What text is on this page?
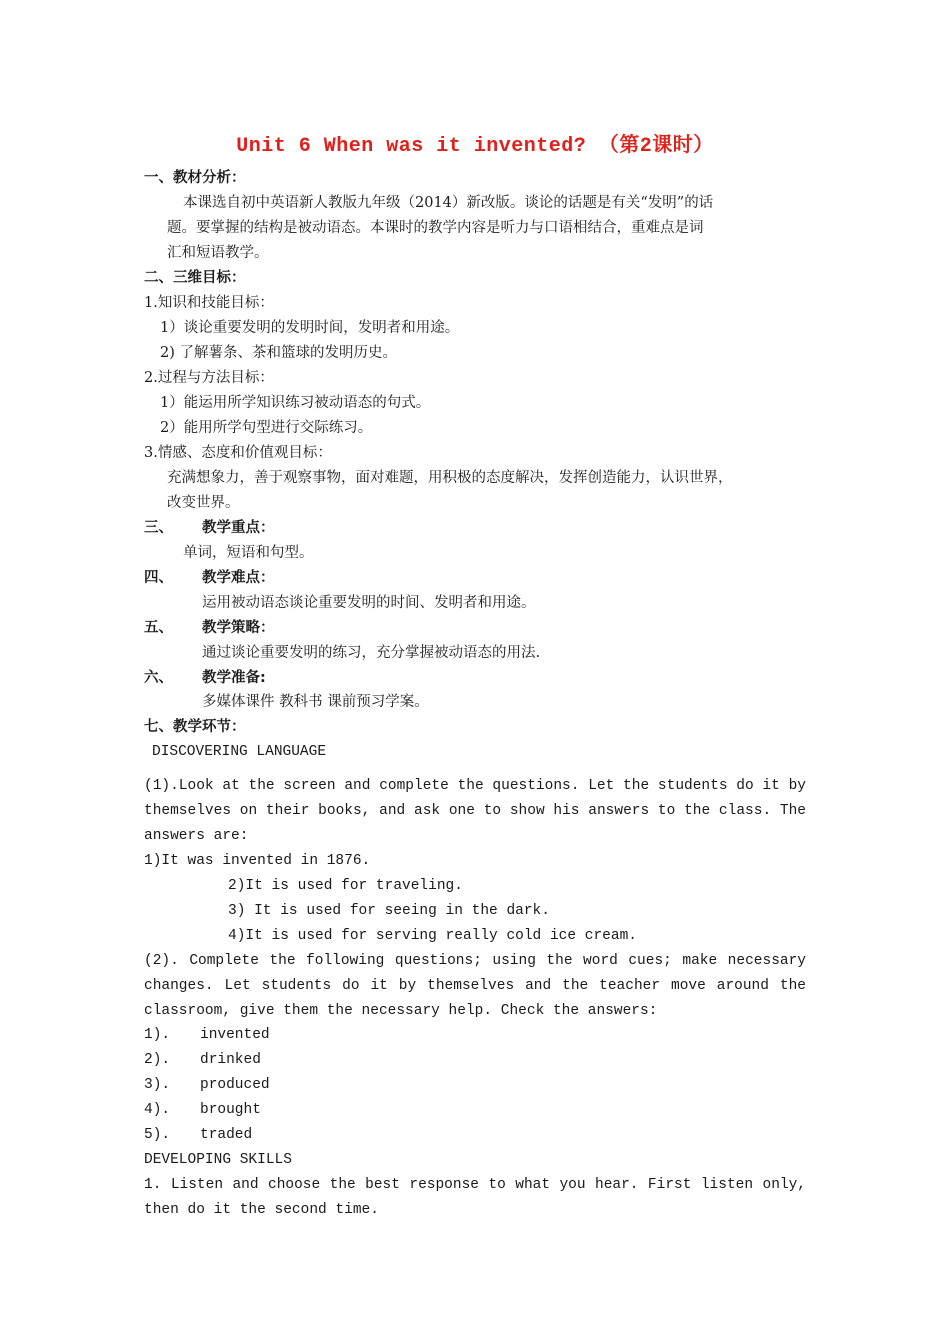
Unit 6 When was it invented? （第2课时）
一、教材分析：
本课选自初中英语新人教版九年级（2014）新改版。谈论的话题是有关“发明”的话
题。要掌握的结构是被动语态。本课时的教学内容是听力与口语相结合，重难点是词
汇和短语教学。
二、三维目标：
1.知识和技能目标：
1）谈论重要发明的发明时间，发明者和用途。
2) 了解薯条、茶和篮球的发明历史。
2.过程与方法目标：
1）能运用所学知识练习被动语态的句式。
2）能用所学句型进行交际练习。
3.情感、态度和价值观目标：
充满想象力，善于观察事物，面对难题，用积极的态度解决，发挥创造能力，认识世界，
改变世界。
三、 教学重点：
单词，短语和句型。
四、 教学难点：
运用被动语态谈论重要发明的时间、发明者和用途。
五、 教学策略：
通过谈论重要发明的练习，充分掌握被动语态的用法.
六、 教学准备:
多媒体课件 教科书 课前预习学案。
七、教学环节：
DISCOVERING LANGUAGE
(1).Look at the screen and complete the questions. Let the students do it by
themselves on their books, and ask one to show his answers to the class. The
answers are:
1)It was invented in 1876.
2)It is used for traveling.
3) It is used for seeing in the dark.
4)It is used for serving really cold ice cream.
(2). Complete the following questions; using the word cues; make necessary
changes. Let students do it by themselves and the teacher move around the
classroom, give them the necessary help. Check the answers:
1). invented
2). drinked
3). produced
4). brought
5). traded
DEVELOPING SKILLS
1. Listen and choose the best response to what you hear. First listen only,
then do it the second time.
